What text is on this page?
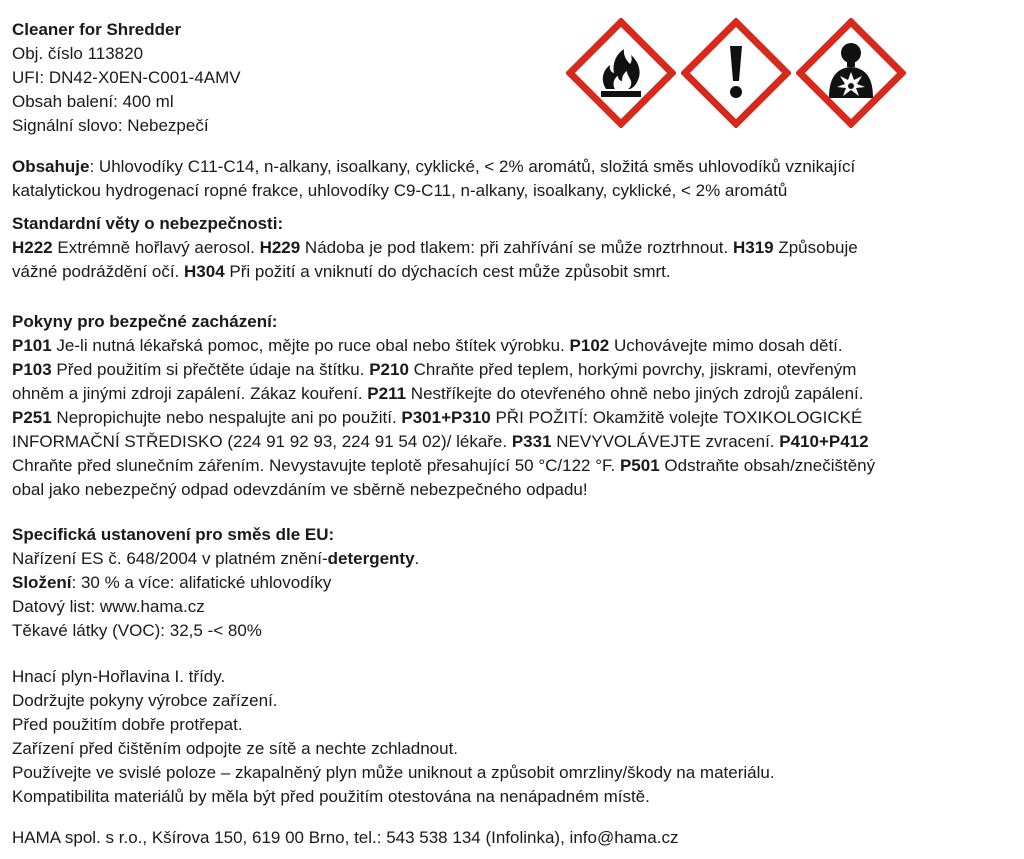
Cleaner for Shredder
Obj. číslo 113820
UFI: DN42-X0EN-C001-4AMV
Obsah balení: 400 ml
Signální slovo: Nebezpečí
Obsahuje: Uhlovodíky C11-C14, n-alkany, isoalkany, cyklické, < 2% aromátů, složitá směs uhlovodíků vznikající
katalytickou hydrogenací ropné frakce, uhlovodíky C9-C11, n-alkany, isoalkany, cyklické, < 2% aromátů
Standardní věty o nebezpečnosti:
H222 Extrémně hořlavý aerosol. H229 Nádoba je pod tlakem: při zahřívání se může roztrhnout. H319 Způsobuje
vážné podráždění očí. H304 Při požití a vniknutí do dýchacích cest může způsobit smrt.
Pokyny pro bezpečné zacházení:
P101 Je-li nutná lékařská pomoc, mějte po ruce obal nebo štítek výrobku. P102 Uchovávejte mimo dosah dětí.
P103 Před použitím si přečtěte údaje na štítku. P210 Chraňte před teplem, horkými povrchy, jiskrami, otevřeným
ohněm a jinými zdroji zapálení. Zákaz kouření. P211 Nestříkejte do otevřeného ohně nebo jiných zdrojů zapálení.
P251 Nepropichujte nebo nespalujte ani po použití. P301+P310 PŘI POŽITÍ: Okamžitě volejte TOXIKOLOGICKÉ
INFORMAČNÍ STŘEDISKO (224 91 92 93, 224 91 54 02)/ lékaře. P331 NEVYVOLÁVEJTE zvracení. P410+P412
Chraňte před slunečním zářením. Nevystavujte teplotě přesahující 50 °C/122 °F. P501 Odstraňte obsah/znečištěný
obal jako nebezpečný odpad odevzdáním ve sběrně nebezpečného odpadu!
Specifická ustanovení pro směs dle EU:
Nařízení ES č. 648/2004 v platném znění-detergenty.
Složení: 30 % a více: alifatické uhlovodíky
Datový list: www.hama.cz
Těkavé látky (VOC): 32,5 -< 80%
Hnací plyn-Hořlavina I. třídy.
Dodržujte pokyny výrobce zařízení.
Před použitím dobře protřepat.
Zařízení před čištěním odpojte ze sítě a nechte zchladnout.
Používejte ve svislé poloze – zkapalněný plyn může uniknout a způsobit omrzliny/škody na materiálu.
Kompatibilita materiálů by měla být před použitím otestována na nenápadném místě.
HAMA spol. s r.o., Kšírova 150, 619 00 Brno, tel.: 543 538 134 (Infolinka), info@hama.cz
